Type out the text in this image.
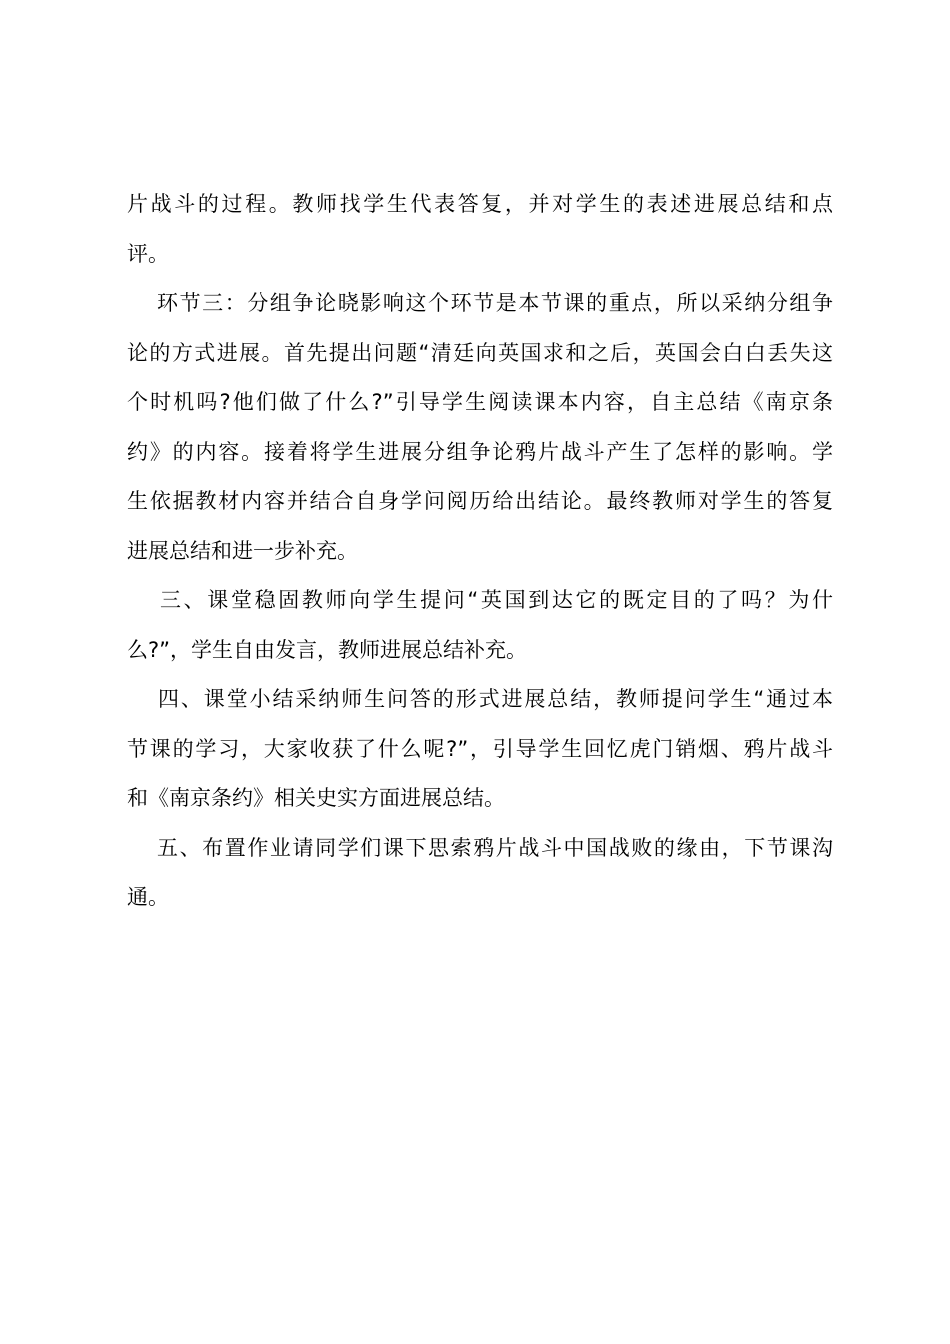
片战斗的过程。教师找学生代表答复，并对学生的表述进展总结和点
评。
环节三：分组争论晓影响这个环节是本节课的重点，所以采纳分组争
论的方式进展。首先提出问题“清廷向英国求和之后，英国会白白丢失这
个时机吗?他们做了什么?”引导学生阅读课本内容，自主总结《南京条
约》的内容。接着将学生进展分组争论鸦片战斗产生了怎样的影响。学
生依据教材内容并结合自身学问阅历给出结论。最终教师对学生的答复
进展总结和进一步补充。
三、课堂稳固教师向学生提问“英国到达它的既定目的了吗？为什
么?”，学生自由发言，教师进展总结补充。
四、课堂小结采纳师生问答的形式进展总结，教师提问学生“通过本
节课的学习，大家收获了什么呢?”，引导学生回忆虎门销烟、鸦片战斗
和《南京条约》相关史实方面进展总结。
五、布置作业请同学们课下思索鸦片战斗中国战败的缘由，下节课沟
通。
